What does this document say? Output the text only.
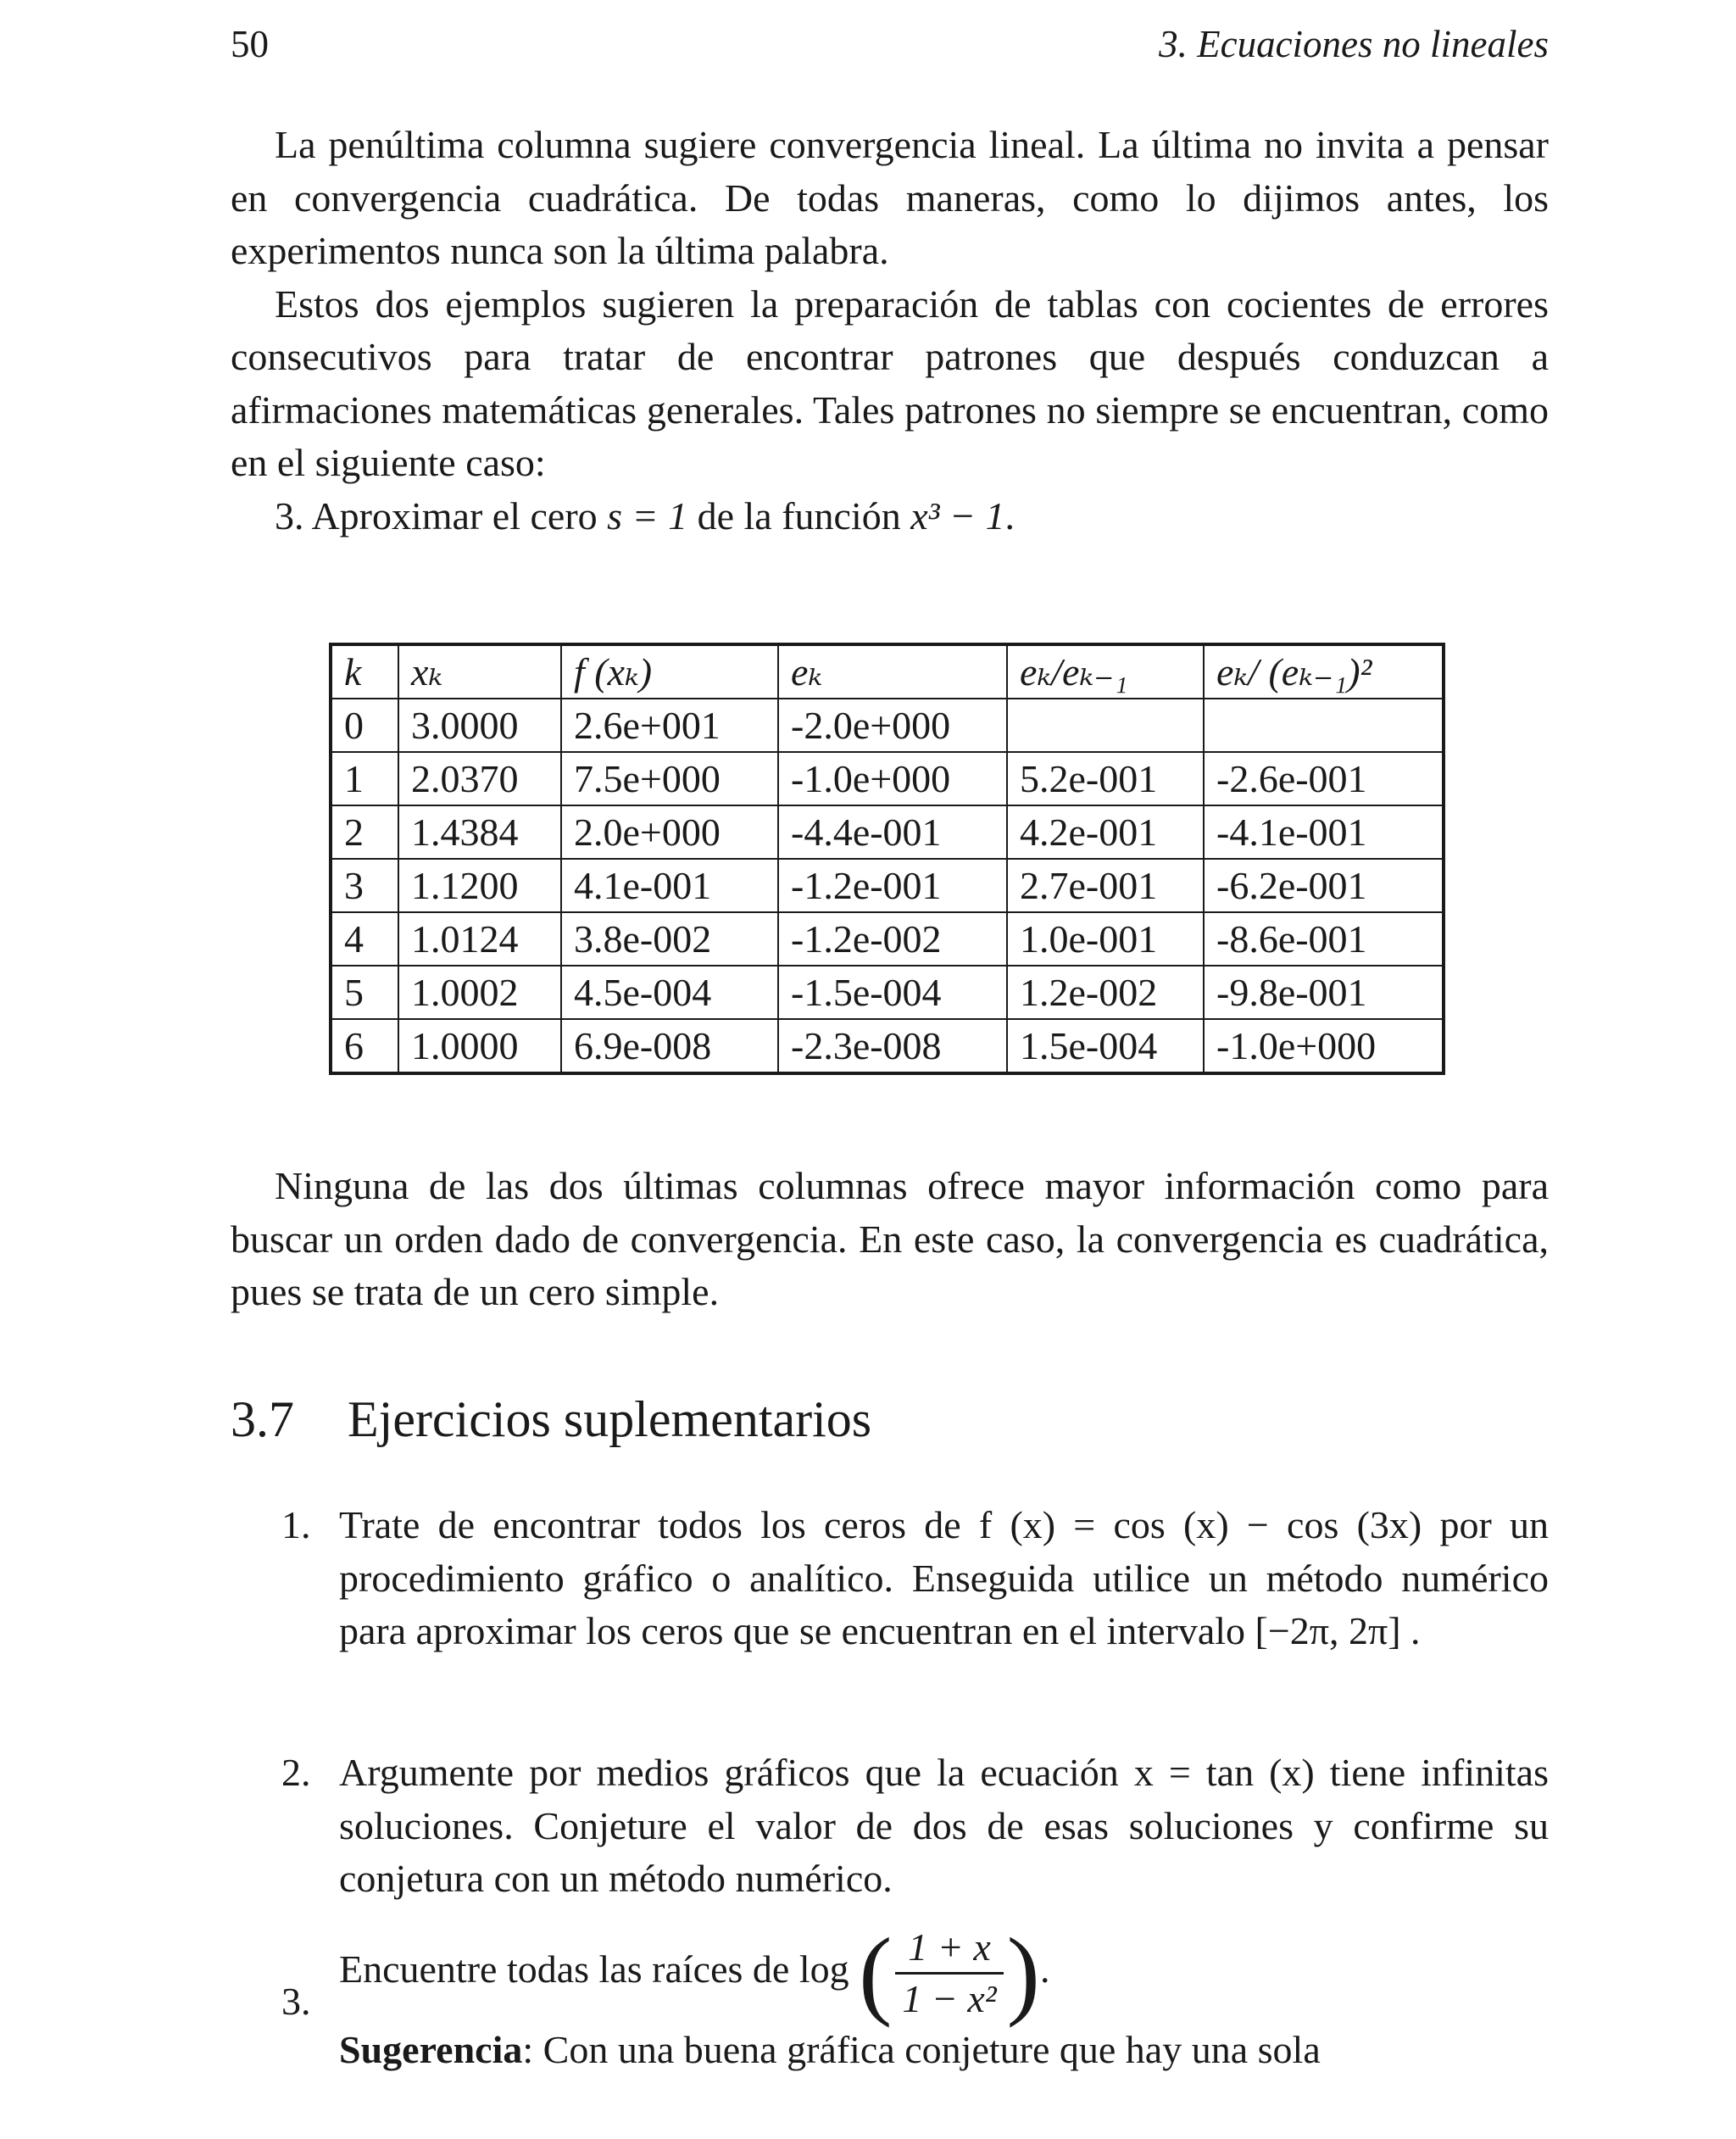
50	3. Ecuaciones no lineales

La penúltima columna sugiere convergencia lineal. La última no invita a pensar en convergencia cuadrática. De todas maneras, como lo dijimos antes, los experimentos nunca son la última palabra.

Estos dos ejemplos sugieren la preparación de tablas con cocientes de errores consecutivos para tratar de encontrar patrones que después conduzcan a afirmaciones matemáticas generales. Tales patrones no siempre se encuentran, como en el siguiente caso:

3. Aproximar el cero s = 1 de la función x³ − 1.

k	xₖ	f (xₖ)	eₖ	eₖ/eₖ₋₁	eₖ/ (eₖ₋₁)²
0	3.0000	2.6e+001	-2.0e+000		
1	2.0370	7.5e+000	-1.0e+000	5.2e-001	-2.6e-001
2	1.4384	2.0e+000	-4.4e-001	4.2e-001	-4.1e-001
3	1.1200	4.1e-001	-1.2e-001	2.7e-001	-6.2e-001
4	1.0124	3.8e-002	-1.2e-002	1.0e-001	-8.6e-001
5	1.0002	4.5e-004	-1.5e-004	1.2e-002	-9.8e-001
6	1.0000	6.9e-008	-2.3e-008	1.5e-004	-1.0e+000

Ninguna de las dos últimas columnas ofrece mayor información como para buscar un orden dado de convergencia. En este caso, la convergencia es cuadrática, pues se trata de un cero simple.

3.7 Ejercicios suplementarios
1. Trate de encontrar todos los ceros de f (x) = cos (x) − cos (3x) por un procedimiento gráfico o analítico. Enseguida utilice un método numérico para aproximar los ceros que se encuentran en el intervalo [−2π, 2π] .
2. Argumente por medios gráficos que la ecuación x = tan (x) tiene infinitas soluciones. Conjeture el valor de dos de esas soluciones y confirme su conjetura con un método numérico.
3.
Encuentre todas las raíces de log ( $\frac{1 + x}{\text{1 − x²}}$ ).
Sugerencia: Con una buena gráfica conjeture que hay una sola
